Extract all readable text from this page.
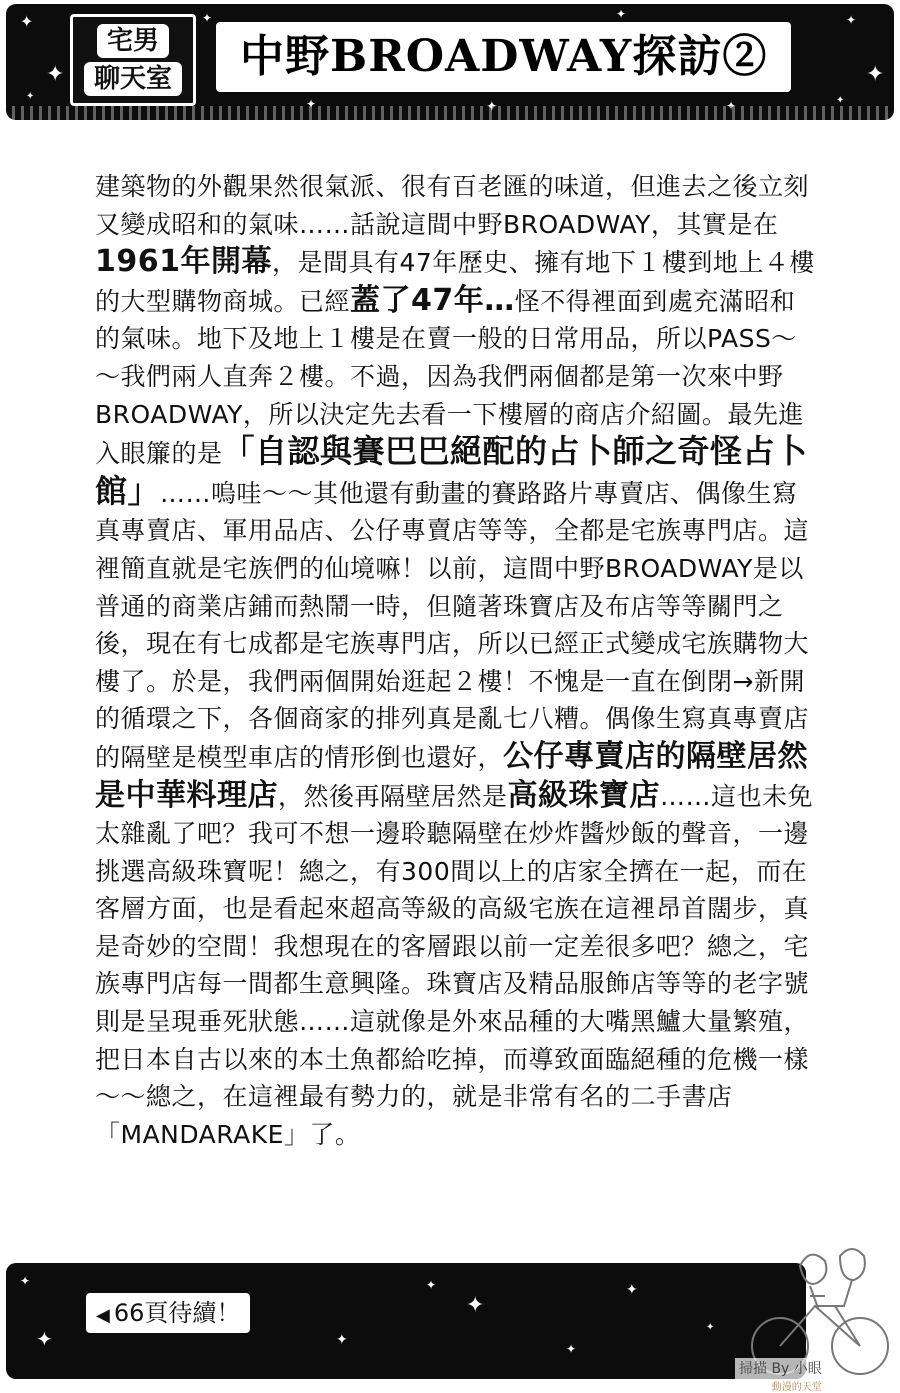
✦
✦
✦
✦
✦	✦
✦
✦
✦
✦
✦
宅男
聊天室	中野BROADWAY探訪②

建築物的外觀果然很氣派、很有百老匯的味道，但進去之後立刻又變成昭和的氣味……話說這間中野BROADWAY，其實是在1961年開幕，是間具有47年歷史、擁有地下１樓到地上４樓的大型購物商城。已經蓋了47年…怪不得裡面到處充滿昭和的氣味。地下及地上１樓是在賣一般的日常用品，所以PASS～～我們兩人直奔２樓。不過，因為我們兩個都是第一次來中野BROADWAY，所以決定先去看一下樓層的商店介紹圖。最先進入眼簾的是「自認與賽巴巴絕配的占卜師之奇怪占卜館」……嗚哇～～其他還有動畫的賽路路片專賣店、偶像生寫真專賣店、軍用品店、公仔專賣店等等，全都是宅族專門店。這裡簡直就是宅族們的仙境嘛！以前，這間中野BROADWAY是以普通的商業店鋪而熱鬧一時，但隨著珠寶店及布店等等關門之後，現在有七成都是宅族專門店，所以已經正式變成宅族購物大樓了。於是，我們兩個開始逛起２樓！不愧是一直在倒閉→新開的循環之下，各個商家的排列真是亂七八糟。偶像生寫真專賣店的隔壁是模型車店的情形倒也還好，公仔專賣店的隔壁居然是中華料理店，然後再隔壁居然是高級珠寶店……這也未免太雜亂了吧？我可不想一邊聆聽隔壁在炒炸醬炒飯的聲音，一邊挑選高級珠寶呢！總之，有300間以上的店家全擠在一起，而在客層方面，也是看起來超高等級的高級宅族在這裡昂首闊步，真是奇妙的空間！我想現在的客層跟以前一定差很多吧？總之，宅族專門店每一間都生意興隆。珠寶店及精品服飾店等等的老字號則是呈現垂死狀態……這就像是外來品種的大嘴黑鱸大量繁殖，把日本自古以來的本土魚都給吃掉，而導致面臨絕種的危機一樣～～總之，在這裡最有勢力的，就是非常有名的二手書店「MANDARAKE」了。

✦
✦	✦
✦
✦
✦
✦
✦
◀ 66頁待續！
掃描 By 小眼
動漫的天堂
